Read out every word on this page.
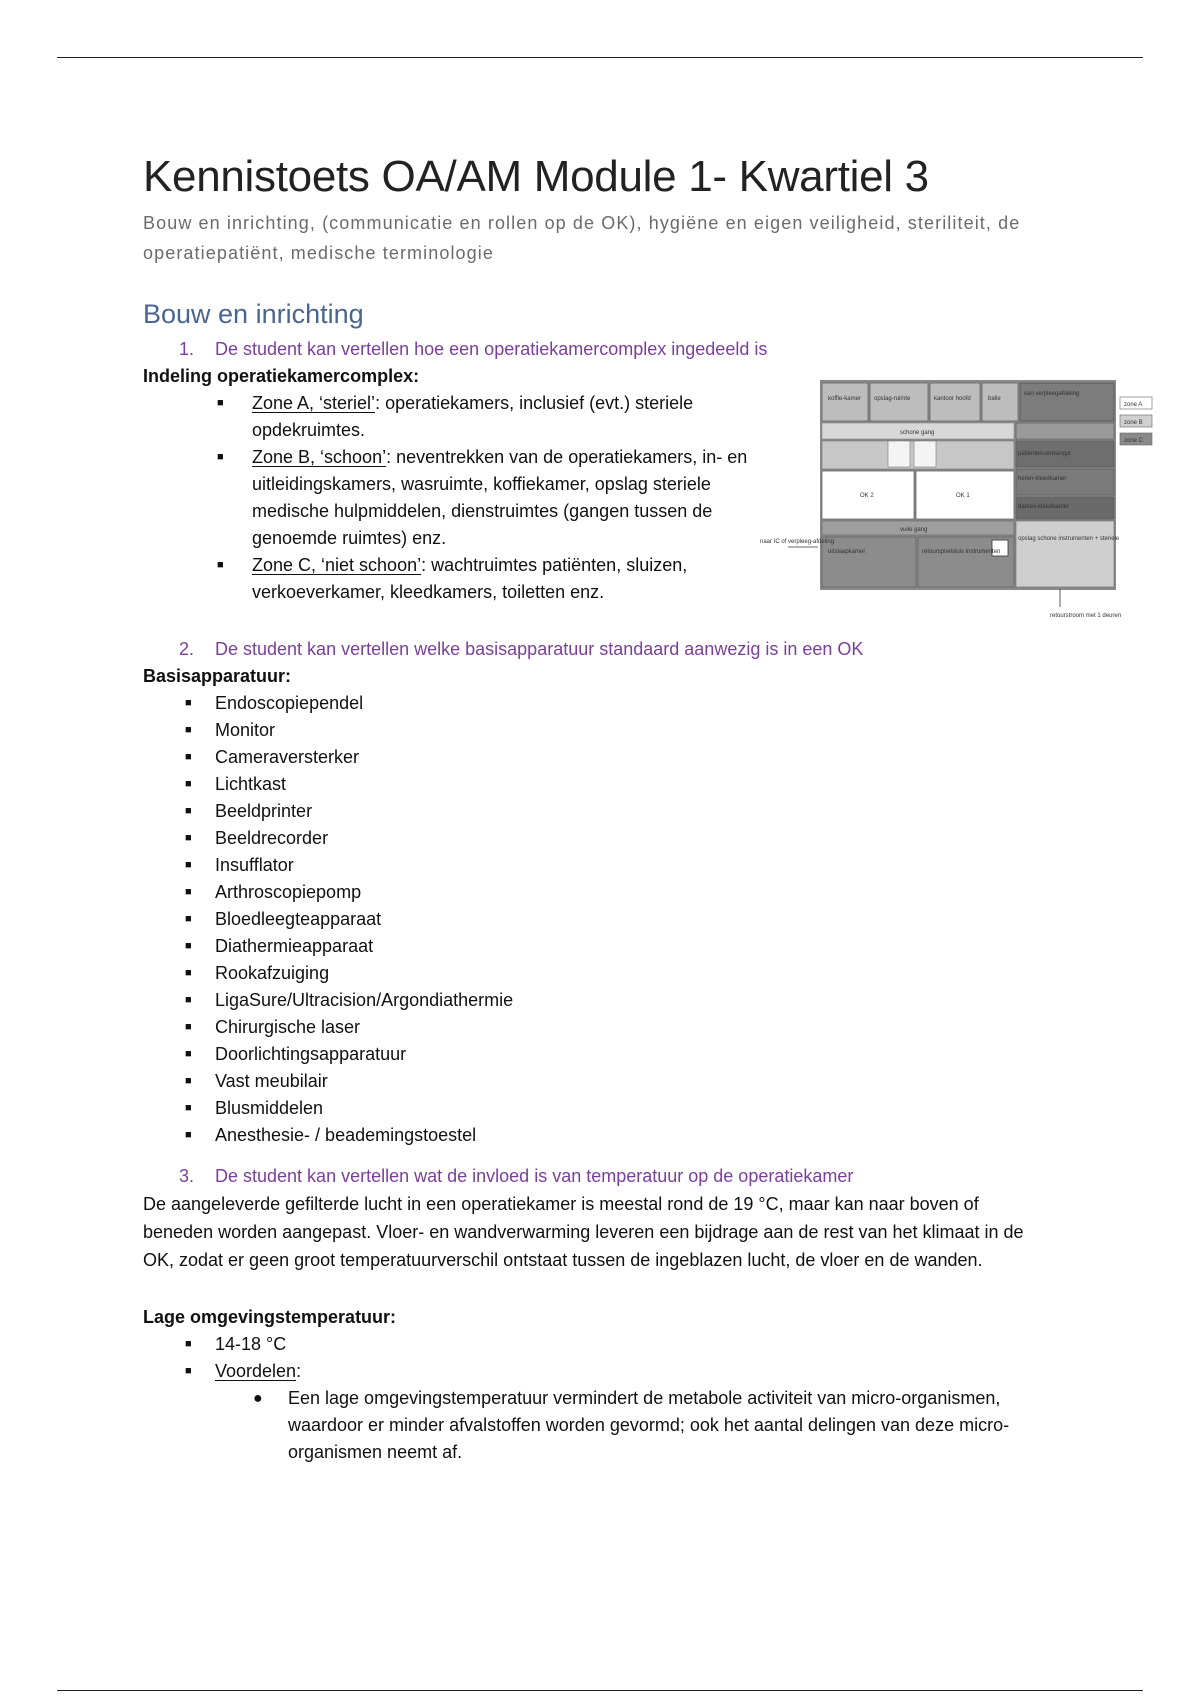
Kennistoets OA/AM Module 1- Kwartiel 3
Bouw en inrichting, (communicatie en rollen op de OK), hygiëne en eigen veiligheid, steriliteit, de operatiepatiënt, medische terminologie
Bouw en inrichting

1. De student kan vertellen hoe een operatiekamercomplex ingedeeld is

Indeling operatiekamercomplex:

■ Zone A, ‘steriel’: operatiekamers, inclusief (evt.) steriele opdekruimtes.
■ Zone B, ‘schoon’: neventrekken van de operatiekamers, in- en uitleidingskamers, wasruimte, koffiekamer, opslag steriele medische hulpmiddelen, dienstruimtes (gangen tussen de genoemde ruimtes) enz.
■ Zone C, ‘niet schoon’: wachtruimtes patiënten, sluizen, verkoeverkamer, kleedkamers, toiletten enz.

2. De student kan vertellen welke basisapparatuur standaard aanwezig is in een OK

Basisapparatuur:

■ Endoscopiependel
■ Monitor
■ Cameraversterker
■ Lichtkast
■ Beeldprinter
■ Beeldrecorder
■ Insufflator
■ Arthroscopiepomp
■ Bloedleegteapparaat
■ Diathermieapparaat
■ Rookafzuiging
■ LigaSure/Ultracision/Argondiathermie
■ Chirurgische laser
■ Doorlichtingsapparatuur
■ Vast meubilair
■ Blusmiddelen
■ Anesthesie- / beademingstoestel

3. De student kan vertellen wat de invloed is van temperatuur op de operatiekamer

De aangeleverde gefilterde lucht in een operatiekamer is meestal rond de 19 °C, maar kan naar boven of beneden worden aangepast. Vloer- en wandverwarming leveren een bijdrage aan de rest van het klimaat in de OK, zodat er geen groot temperatuurverschil ontstaat tussen de ingeblazen lucht, de vloer en de wanden.

Lage omgevingstemperatuur:

■ 14-18 °C
■ Voordelen:
● Een lage omgevingstemperatuur vermindert de metabole activiteit van micro-organismen, waardoor er minder afvalstoffen worden gevormd; ook het aantal delingen van deze micro-organismen neemt af.
koffie-kamer opslag-ruimte	kantoor hoofd	balie
van verpleegafdeling
schone gang
OK 2	OK 1
vuile gang
uitslaapkamer	retourspoelsluis instrumenten
patiënten-ontvangst
heren-kleedkamer
dames-kleedkamer
opslag schone instrumenten + steriele
naar IC of verpleeg-afdeling
retourstroom met 1 deuren
zone A
zone B
zone C
